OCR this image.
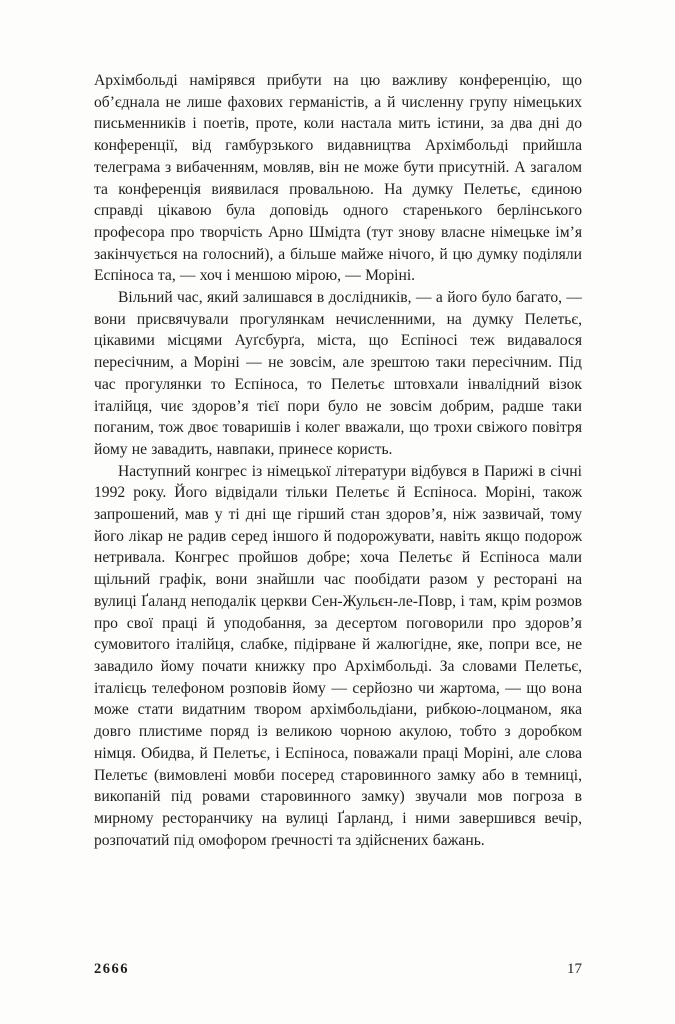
Архімбольді намірявся прибути на цю важливу конференцію, що об’єднала не лише фахових германістів, а й численну групу німецьких письменників і поетів, проте, коли настала мить істини, за два дні до конференції, від гамбурзького видавництва Архімбольді прийшла телеграма з вибаченням, мовляв, він не може бути присутній. А загалом та конференція виявилася провальною. На думку Пелетьє, єдиною справді цікавою була доповідь одного старенького берлінського професора про творчість Арно Шмідта (тут знову власне німецьке ім’я закінчується на голосний), а більше майже нічого, й цю думку поділяли Еспіноса та, — хоч і меншою мірою, — Моріні.

Вільний час, який залишався в дослідників, — а його було багато, — вони присвячували прогулянкам нечисленними, на думку Пелетьє, цікавими місцями Ауґсбурґа, міста, що Еспіносі теж видавалося пересічним, а Моріні — не зовсім, але зрештою таки пересічним. Під час прогулянки то Еспіноса, то Пелетьє штовхали інвалідний візок італійця, чиє здоров’я тієї пори було не зовсім добрим, радше таки поганим, тож двоє товаришів і колег вважали, що трохи свіжого повітря йому не завадить, навпаки, принесе користь.

Наступний конгрес із німецької літератури відбувся в Парижі в січні 1992 року. Його відвідали тільки Пелетьє й Еспіноса. Моріні, також запрошений, мав у ті дні ще гірший стан здоров’я, ніж зазвичай, тому його лікар не радив серед іншого й подорожувати, навіть якщо подорож нетривала. Конгрес пройшов добре; хоча Пелетьє й Еспіноса мали щільний графік, вони знайшли час пообідати разом у ресторані на вулиці Ґаланд неподалік церкви Сен-Жульєн-ле-Повр, і там, крім розмов про свої праці й уподобання, за десертом поговорили про здоров’я сумовитого італійця, слабке, підірване й жалюгідне, яке, попри все, не завадило йому почати книжку про Архімбольді. За словами Пелетьє, італієць телефоном розповів йому — серйозно чи жартома, — що вона може стати видатним твором архімбольдіани, рибкою-лоцманом, яка довго плистиме поряд із великою чорною акулою, тобто з доробком німця. Обидва, й Пелетьє, і Еспіноса, поважали праці Моріні, але слова Пелетьє (вимовлені мовби посеред старовинного замку або в темниці, викопаній під ровами старовинного замку) звучали мов погроза в мирному ресторанчику на вулиці Ґарланд, і ними завершився вечір, розпочатий під омофором ґречності та здійснених бажань.

2666	17
